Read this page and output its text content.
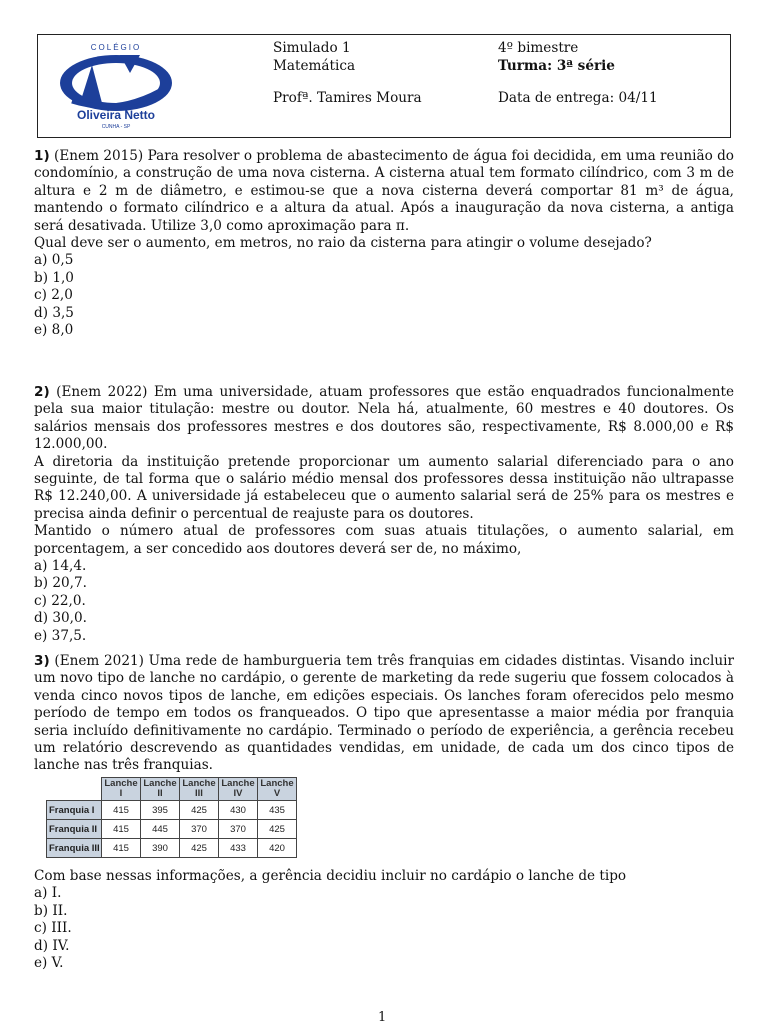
COLÉGIO
Oliveira Netto
CUNHA - SP
Simulado 1
Matemática
Profª. Tamires Moura
4º bimestre
Turma: 3ª série
Data de entrega: 04/11

1) (Enem 2015) Para resolver o problema de abastecimento de água foi decidida, em uma reunião do condomínio, a construção de uma nova cisterna. A cisterna atual tem formato cilíndrico, com 3 m de altura e 2 m de diâmetro, e estimou-se que a nova cisterna deverá comportar 81 m³ de água, mantendo o formato cilíndrico e a altura da atual. Após a inauguração da nova cisterna, a antiga será desativada. Utilize 3,0 como aproximação para π.

Qual deve ser o aumento, em metros, no raio da cisterna para atingir o volume desejado?

a) 0,5
b) 1,0
c) 2,0
d) 3,5
e) 8,0

2) (Enem 2022) Em uma universidade, atuam professores que estão enquadrados funcionalmente pela sua maior titulação: mestre ou doutor. Nela há, atualmente, 60 mestres e 40 doutores. Os salários mensais dos professores mestres e dos doutores são, respectivamente, R$ 8.000,00 e R$ 12.000,00.

A diretoria da instituição pretende proporcionar um aumento salarial diferenciado para o ano seguinte, de tal forma que o salário médio mensal dos professores dessa instituição não ultrapasse R$ 12.240,00. A universidade já estabeleceu que o aumento salarial será de 25% para os mestres e precisa ainda definir o percentual de reajuste para os doutores.

Mantido o número atual de professores com suas atuais titulações, o aumento salarial, em porcentagem, a ser concedido aos doutores deverá ser de, no máximo,

a) 14,4.
b) 20,7.
c) 22,0.
d) 30,0.
e) 37,5.

3) (Enem 2021) Uma rede de hamburgueria tem três franquias em cidades distintas. Visando incluir um novo tipo de lanche no cardápio, o gerente de marketing da rede sugeriu que fossem colocados à venda cinco novos tipos de lanche, em edições especiais. Os lanches foram oferecidos pelo mesmo período de tempo em todos os franqueados. O tipo que apresentasse a maior média por franquia seria incluído definitivamente no cardápio. Terminado o período de experiência, a gerência recebeu um relatório descrevendo as quantidades vendidas, em unidade, de cada um dos cinco tipos de lanche nas três franquias.

	Lanche I	Lanche II	Lanche III	Lanche IV	Lanche V
Franquia I	415	395	425	430	435
Franquia II	415	445	370	370	425
Franquia III	415	390	425	433	420

Com base nessas informações, a gerência decidiu incluir no cardápio o lanche de tipo

a) I.
b) II.
c) III.
d) IV.
e) V.
1
